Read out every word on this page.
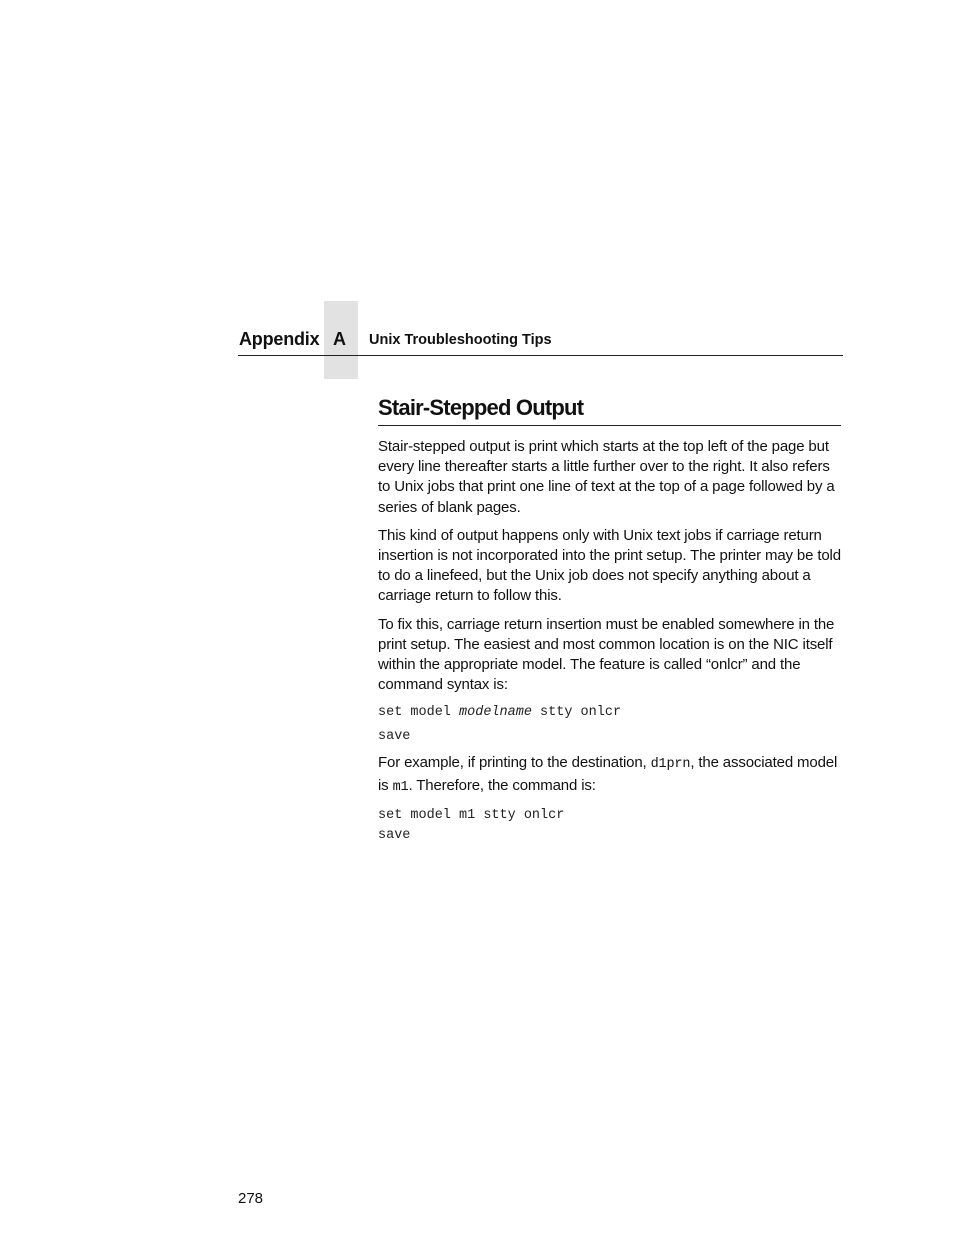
Appendix A Unix Troubleshooting Tips
Stair-Stepped Output

Stair-stepped output is print which starts at the top left of the page but every line thereafter starts a little further over to the right. It also refers to Unix jobs that print one line of text at the top of a page followed by a series of blank pages.

This kind of output happens only with Unix text jobs if carriage return insertion is not incorporated into the print setup. The printer may be told to do a linefeed, but the Unix job does not specify anything about a carriage return to follow this.

To fix this, carriage return insertion must be enabled somewhere in the print setup. The easiest and most common location is on the NIC itself within the appropriate model. The feature is called “onlcr” and the command syntax is:

set model modelname stty onlcr
save

For example, if printing to the destination, d1prn, the associated model is m1. Therefore, the command is:

set model m1 stty onlcr
save
278
